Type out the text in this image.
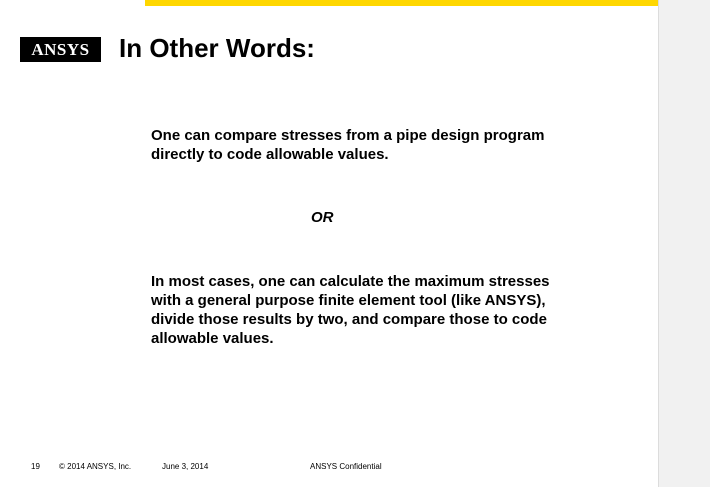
ANSYS In Other Words:

One can compare stresses from a pipe design program directly to code allowable values.

OR

In most cases, one can calculate the maximum stresses with a general purpose finite element tool (like ANSYS), divide those results by two, and compare those to code allowable values.

19 © 2014 ANSYS, Inc.	June 3, 2014	ANSYS Confidential
